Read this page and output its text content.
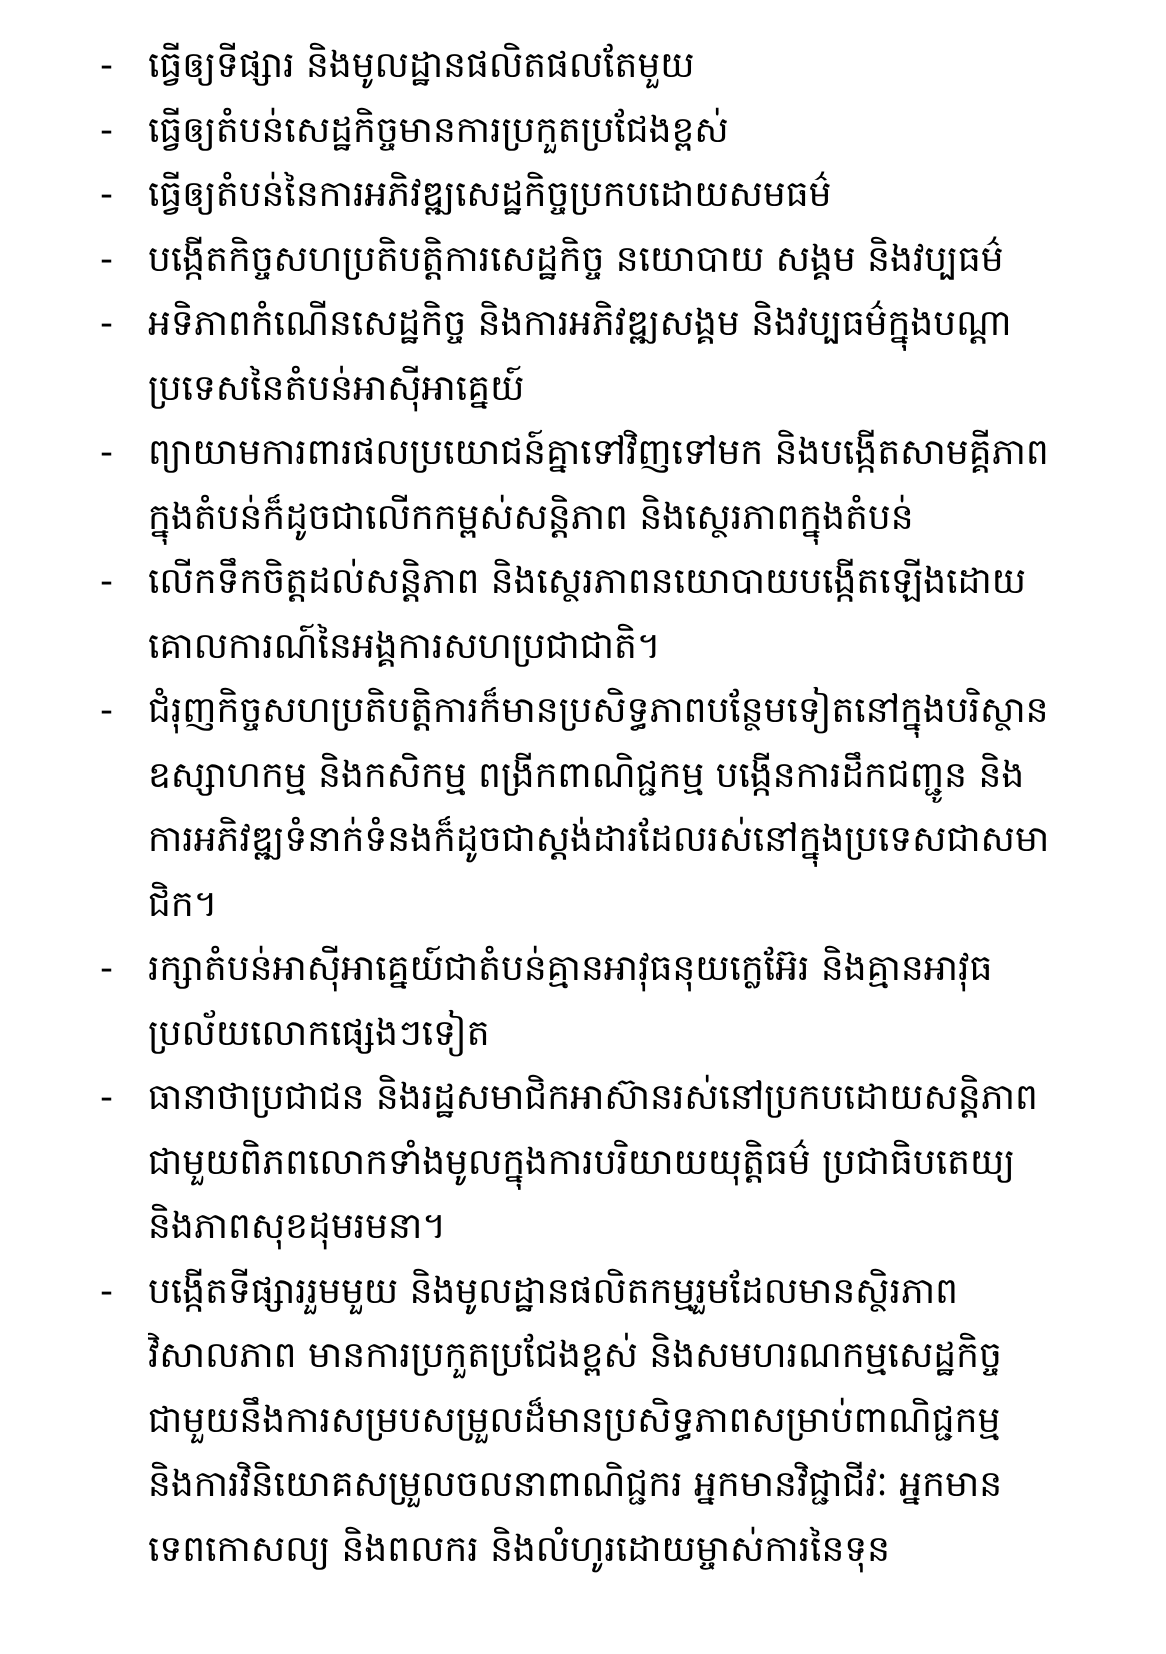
- ធ្វើឲ្យទីផ្សារ និងមូលដ្ឋានផលិតផលតែមួយ
- ធ្វើឲ្យតំបន់សេដ្ឋកិច្ចមានការប្រកួតប្រជែងខ្ពស់
- ធ្វើឲ្យតំបន់នៃការអភិវឌ្ឍសេដ្ឋកិច្ចប្រកបដោយសមធម៌
- បង្កើតកិច្ចសហប្រតិបត្តិការសេដ្ឋកិច្ច នយោបាយ សង្គម និងវប្បធម៌
- អទិភាពកំណើនសេដ្ឋកិច្ច និងការអភិវឌ្ឍសង្គម និងវប្បធម៌ក្នុងបណ្តា
ប្រទេសនៃតំបន់អាស៊ីអាគ្នេយ៍
- ព្យាយាមការពារផលប្រយោជន៍គ្នាទៅវិញទៅមក និងបង្កើតសាមគ្គីភាព
ក្នុងតំបន់ក៏ដូចជាលើកកម្ពស់សន្តិភាព និងស្ថេរភាពក្នុងតំបន់
- លើកទឹកចិត្តដល់សន្តិភាព និងស្ថេរភាពនយោបាយបង្កើតឡើងដោយ
គោលការណ៍នៃអង្គការសហប្រជាជាតិ។
- ជំរុញកិច្ចសហប្រតិបត្តិការក៏មានប្រសិទ្ធភាពបន្ថែមទៀតនៅក្នុងបរិស្ថាន
ឧស្សាហកម្ម និងកសិកម្ម ពង្រីកពាណិជ្ជកម្ម បង្កើនការដឹកជញ្ជូន និង
ការអភិវឌ្ឍទំនាក់ទំនងក៏ដូចជាស្តង់ដារដែលរស់នៅក្នុងប្រទេសជាសមា
ជិក។
- រក្សាតំបន់អាស៊ីអាគ្នេយ៍ជាតំបន់គ្មានអាវុធនុយក្លេអ៊ែរ និងគ្មានអាវុធ
ប្រល័យលោកផ្សេងៗទៀត
- ធានាថាប្រជាជន និងរដ្ឋសមាជិកអាស៊ានរស់នៅប្រកបដោយសន្តិភាព
ជាមួយពិភពលោកទាំងមូលក្នុងការបរិយាយយុត្តិធម៌ ប្រជាធិបតេយ្យ
និងភាពសុខដុមរមនា។
- បង្កើតទីផ្សាររួមមួយ និងមូលដ្ឋានផលិតកម្មរួមដែលមានស្ថិរភាព
វិសាលភាព មានការប្រកួតប្រជែងខ្ពស់ និងសមហរណកម្មសេដ្ឋកិច្ច
ជាមួយនឹងការសម្របសម្រួលដ៏មានប្រសិទ្ធភាពសម្រាប់ពាណិជ្ជកម្ម
និងការវិនិយោគសម្រួលចលនាពាណិជ្ជករ អ្នកមានវិជ្ជាជីវៈ អ្នកមាន
ទេពកោសល្យ និងពលករ និងលំហូរដោយម្ចាស់ការនៃទុន
